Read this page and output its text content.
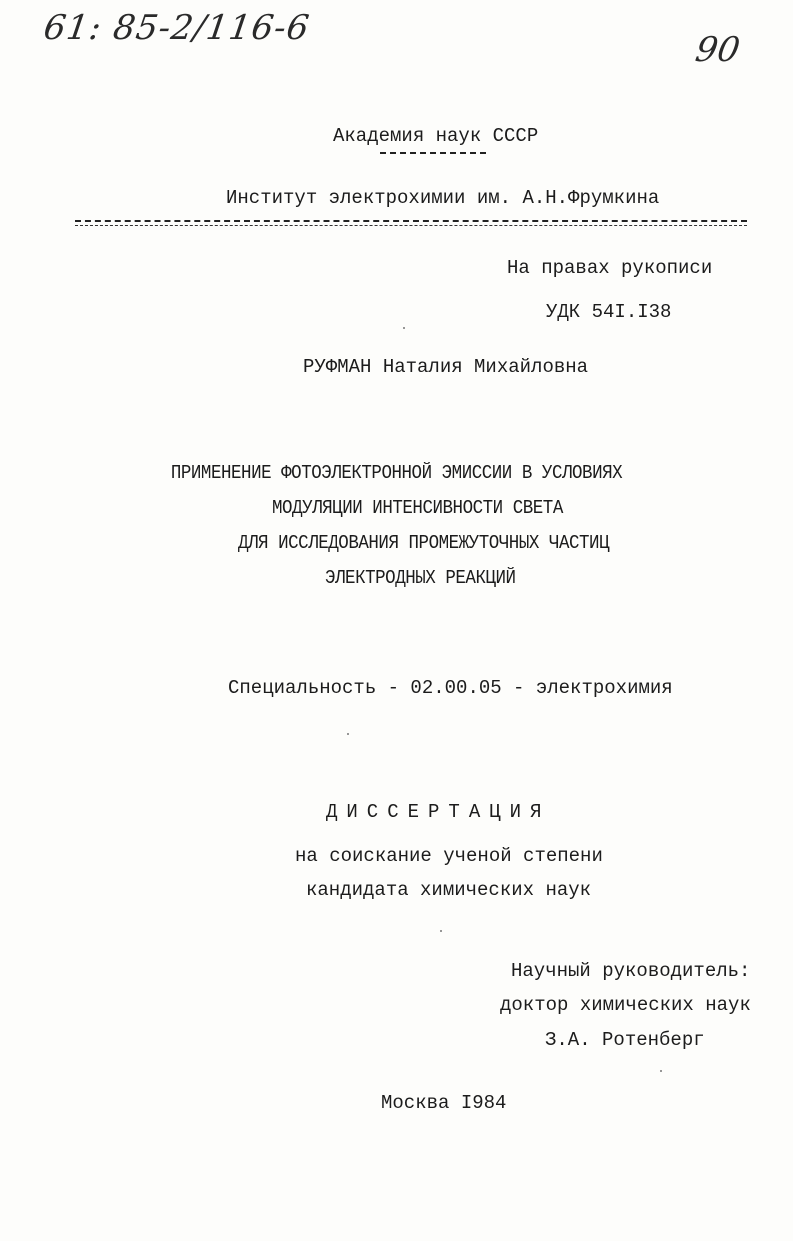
61: 85-2/116-6
90
Академия наук СССР
Институт электрохимии им. А.Н.Фрумкина
На правах рукописи
УДК 54I.I38
РУФМАН Наталия Михайловна
ПРИМЕНЕНИЕ ФОТОЭЛЕКТРОННОЙ ЭМИССИИ В УСЛОВИЯХ
МОДУЛЯЦИИ ИНТЕНСИВНОСТИ СВЕТА
ДЛЯ ИССЛЕДОВАНИЯ ПРОМЕЖУТОЧНЫХ ЧАСТИЦ
ЭЛЕКТРОДНЫХ РЕАКЦИЙ
Специальность - 02.00.05 - электрохимия
ДИССЕРТАЦИЯ
на соискание ученой степени
кандидата химических наук
Научный руководитель:
доктор химических наук
З.А. Ротенберг
Москва I984
